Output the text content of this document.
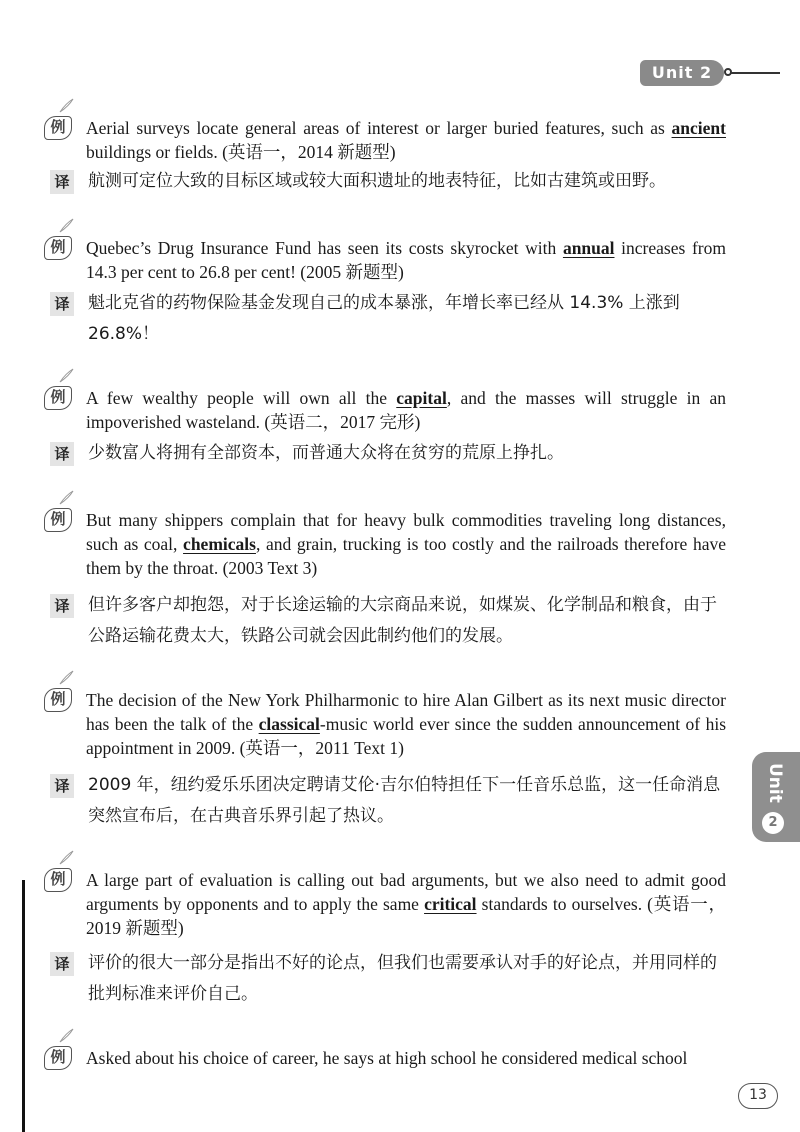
Unit 2
Unit
2
例	Aerial surveys locate general areas of interest or larger buried features, such as ancient buildings or fields. (英语一，2014 新题型)
译 航测可定位大致的目标区域或较大面积遗址的地表特征，比如古建筑或田野。
例	Quebec’s Drug Insurance Fund has seen its costs skyrocket with annual increases from 14.3 per cent to 26.8 per cent! (2005 新题型)
译 魁北克省的药物保险基金发现自己的成本暴涨，年增长率已经从 14.3% 上涨到 26.8%！
例	A few wealthy people will own all the capital, and the masses will struggle in an impoverished wasteland. (英语二，2017 完形)
译 少数富人将拥有全部资本，而普通大众将在贫穷的荒原上挣扎。
例	But many shippers complain that for heavy bulk commodities traveling long distances, such as coal, chemicals, and grain, trucking is too costly and the railroads therefore have them by the throat. (2003 Text 3)
译 但许多客户却抱怨，对于长途运输的大宗商品来说，如煤炭、化学制品和粮食，由于公路运输花费太大，铁路公司就会因此制约他们的发展。
例	The decision of the New York Philharmonic to hire Alan Gilbert as its next music director has been the talk of the classical-music world ever since the sudden announcement of his appointment in 2009. (英语一，2011 Text 1)
译 2009 年，纽约爱乐乐团决定聘请艾伦·吉尔伯特担任下一任音乐总监，这一任命消息突然宣布后，在古典音乐界引起了热议。
例	A large part of evaluation is calling out bad arguments, but we also need to admit good arguments by opponents and to apply the same critical standards to ourselves. (英语一，2019 新题型)
译 评价的很大一部分是指出不好的论点，但我们也需要承认对手的好论点，并用同样的批判标准来评价自己。
例	Asked about his choice of career, he says at high school he considered medical school
13
